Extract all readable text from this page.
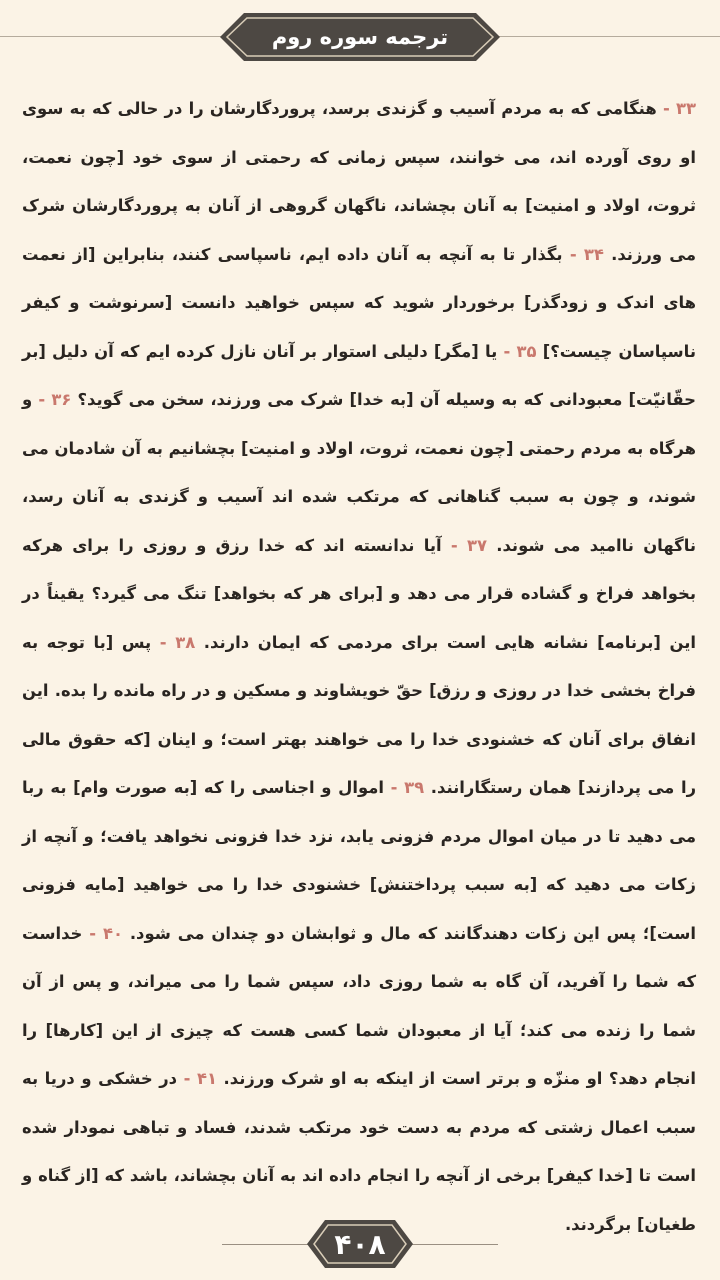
ترجمه سوره روم
۳۳ - هنگامی که به مردم آسیب و گزندی برسد، پروردگارشان را در حالی که به سوی او روی آورده اند، می خوانند، سپس زمانی که رحمتی از سوی خود [چون نعمت، ثروت، اولاد و امنیت] به آنان بچشاند، ناگهان گروهی از آنان به پروردگارشان شرک می ورزند. ۳۴ - بگذار تا به آنچه به آنان داده ایم، ناسپاسی کنند، بنابراین [از نعمت های اندک و زودگذر] برخوردار شوید که سپس خواهید دانست [سرنوشت و کیفر ناسپاسان چیست؟] ۳۵ - یا [مگر] دلیلی استوار بر آنان نازل کرده ایم که آن دلیل [بر حقّانیّت] معبودانی که به وسیله آن [به خدا] شرک می ورزند، سخن می گوید؟ ۳۶ - و هرگاه به مردم رحمتی [چون نعمت، ثروت، اولاد و امنیت] بچشانیم به آن شادمان می شوند، و چون به سبب گناهانی که مرتکب شده اند آسیب و گزندی به آنان رسد، ناگهان ناامید می شوند. ۳۷ - آیا ندانسته اند که خدا رزق و روزی را برای هرکه بخواهد فراخ و گشاده قرار می دهد و [برای هر که بخواهد] تنگ می گیرد؟ یقیناً در این [برنامه] نشانه هایی است برای مردمی که ایمان دارند. ۳۸ - پس [با توجه به فراخ بخشی خدا در روزی و رزق] حقّ خویشاوند و مسکین و در راه مانده را بده. این انفاق برای آنان که خشنودی خدا را می خواهند بهتر است؛ و اینان [که حقوق مالی را می پردازند] همان رستگارانند. ۳۹ - اموال و اجناسی را که [به صورت وام] به ربا می دهید تا در میان اموال مردم فزونی یابد، نزد خدا فزونی نخواهد یافت؛ و آنچه از زکات می دهید که [به سبب پرداختنش] خشنودی خدا را می خواهید [مایه فزونی است]؛ پس این زکات دهندگانند که مال و ثوابشان دو چندان می شود. ۴۰ - خداست که شما را آفرید، آن گاه به شما روزی داد، سپس شما را می میراند، و پس از آن شما را زنده می کند؛ آیا از معبودان شما کسی هست که چیزی از این [کارها] را انجام دهد؟ او منزّه و برتر است از اینکه به او شرک ورزند. ۴۱ - در خشکی و دریا به سبب اعمال زشتی که مردم به دست خود مرتکب شدند، فساد و تباهی نمودار شده است تا [خدا کیفر] برخی از آنچه را انجام داده اند به آنان بچشاند، باشد که [از گناه و طغیان] برگردند.
۴۰۸
